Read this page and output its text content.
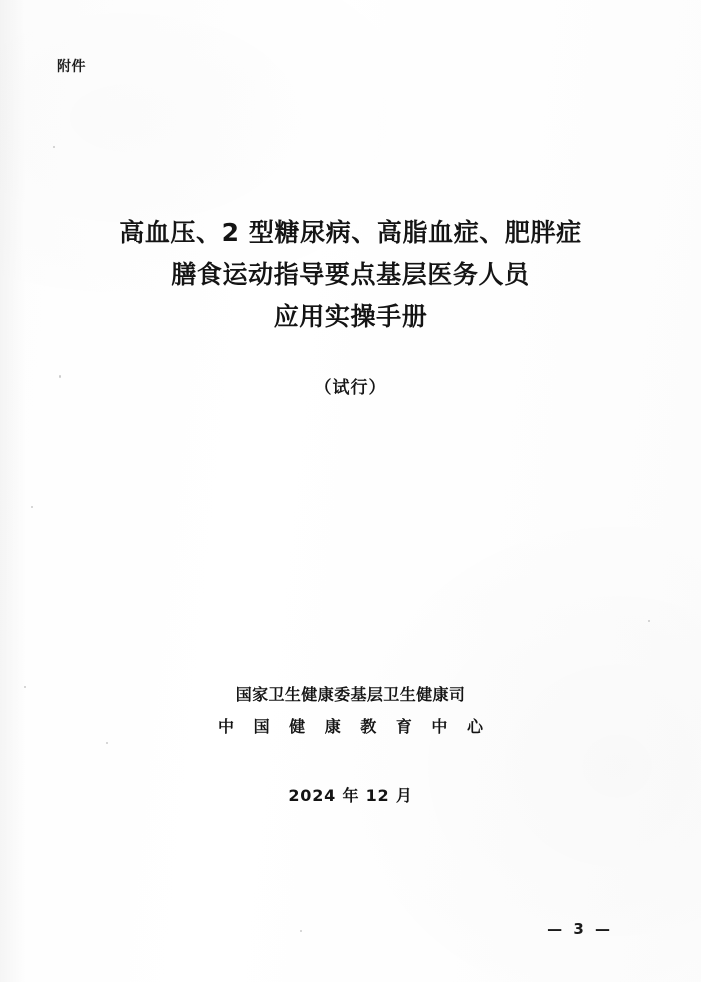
附件
高血压、2 型糖尿病、高脂血症、肥胖症
膳食运动指导要点基层医务人员
应用实操手册
（试行）
国家卫生健康委基层卫生健康司
中 国 健 康 教 育 中 心
2024 年 12 月
— 3 —
